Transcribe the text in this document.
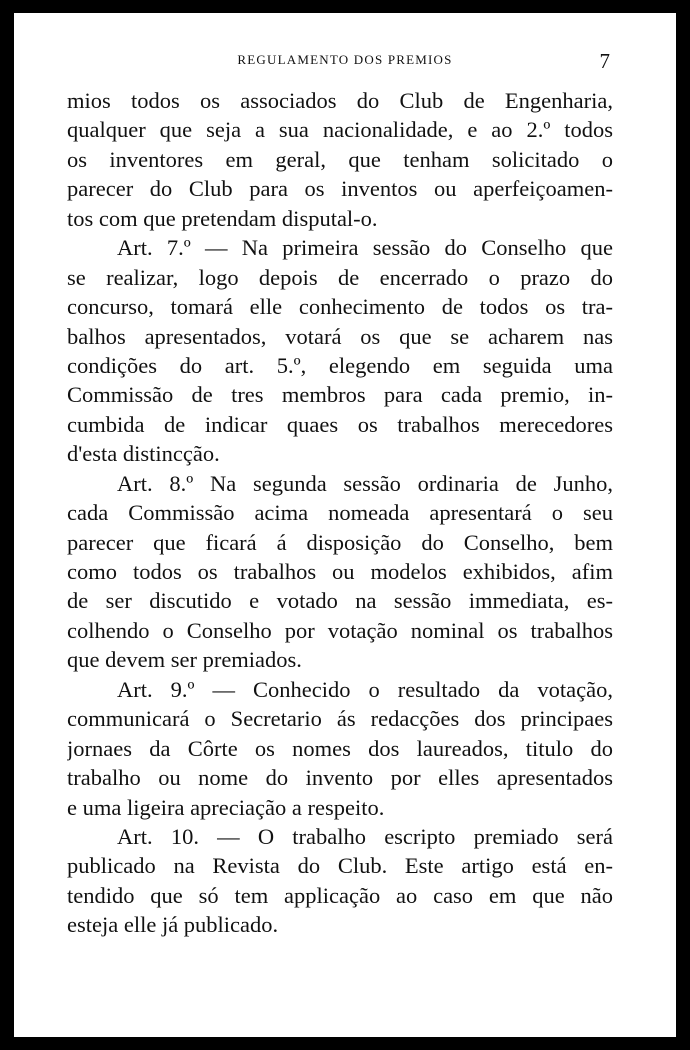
REGULAMENTO DOS PREMIOS	7
mios todos os associados do Club de Engenharia,
qualquer que seja a sua nacionalidade, e ao 2.º todos
os inventores em geral, que tenham solicitado o
parecer do Club para os inventos ou aperfeiçoamen-
tos com que pretendam disputal-o.
Art. 7.º — Na primeira sessão do Conselho que
se realizar, logo depois de encerrado o prazo do
concurso, tomará elle conhecimento de todos os tra-
balhos apresentados, votará os que se acharem nas
condições do art. 5.º, elegendo em seguida uma
Commissão de tres membros para cada premio, in-
cumbida de indicar quaes os trabalhos merecedores
d'esta distincção.
Art. 8.º Na segunda sessão ordinaria de Junho,
cada Commissão acima nomeada apresentará o seu
parecer que ficará á disposição do Conselho, bem
como todos os trabalhos ou modelos exhibidos, afim
de ser discutido e votado na sessão immediata, es-
colhendo o Conselho por votação nominal os trabalhos
que devem ser premiados.
Art. 9.º — Conhecido o resultado da votação,
communicará o Secretario ás redacções dos principaes
jornaes da Côrte os nomes dos laureados, titulo do
trabalho ou nome do invento por elles apresentados
e uma ligeira apreciação a respeito.
Art. 10. — O trabalho escripto premiado será
publicado na Revista do Club. Este artigo está en-
tendido que só tem applicação ao caso em que não
esteja elle já publicado.
